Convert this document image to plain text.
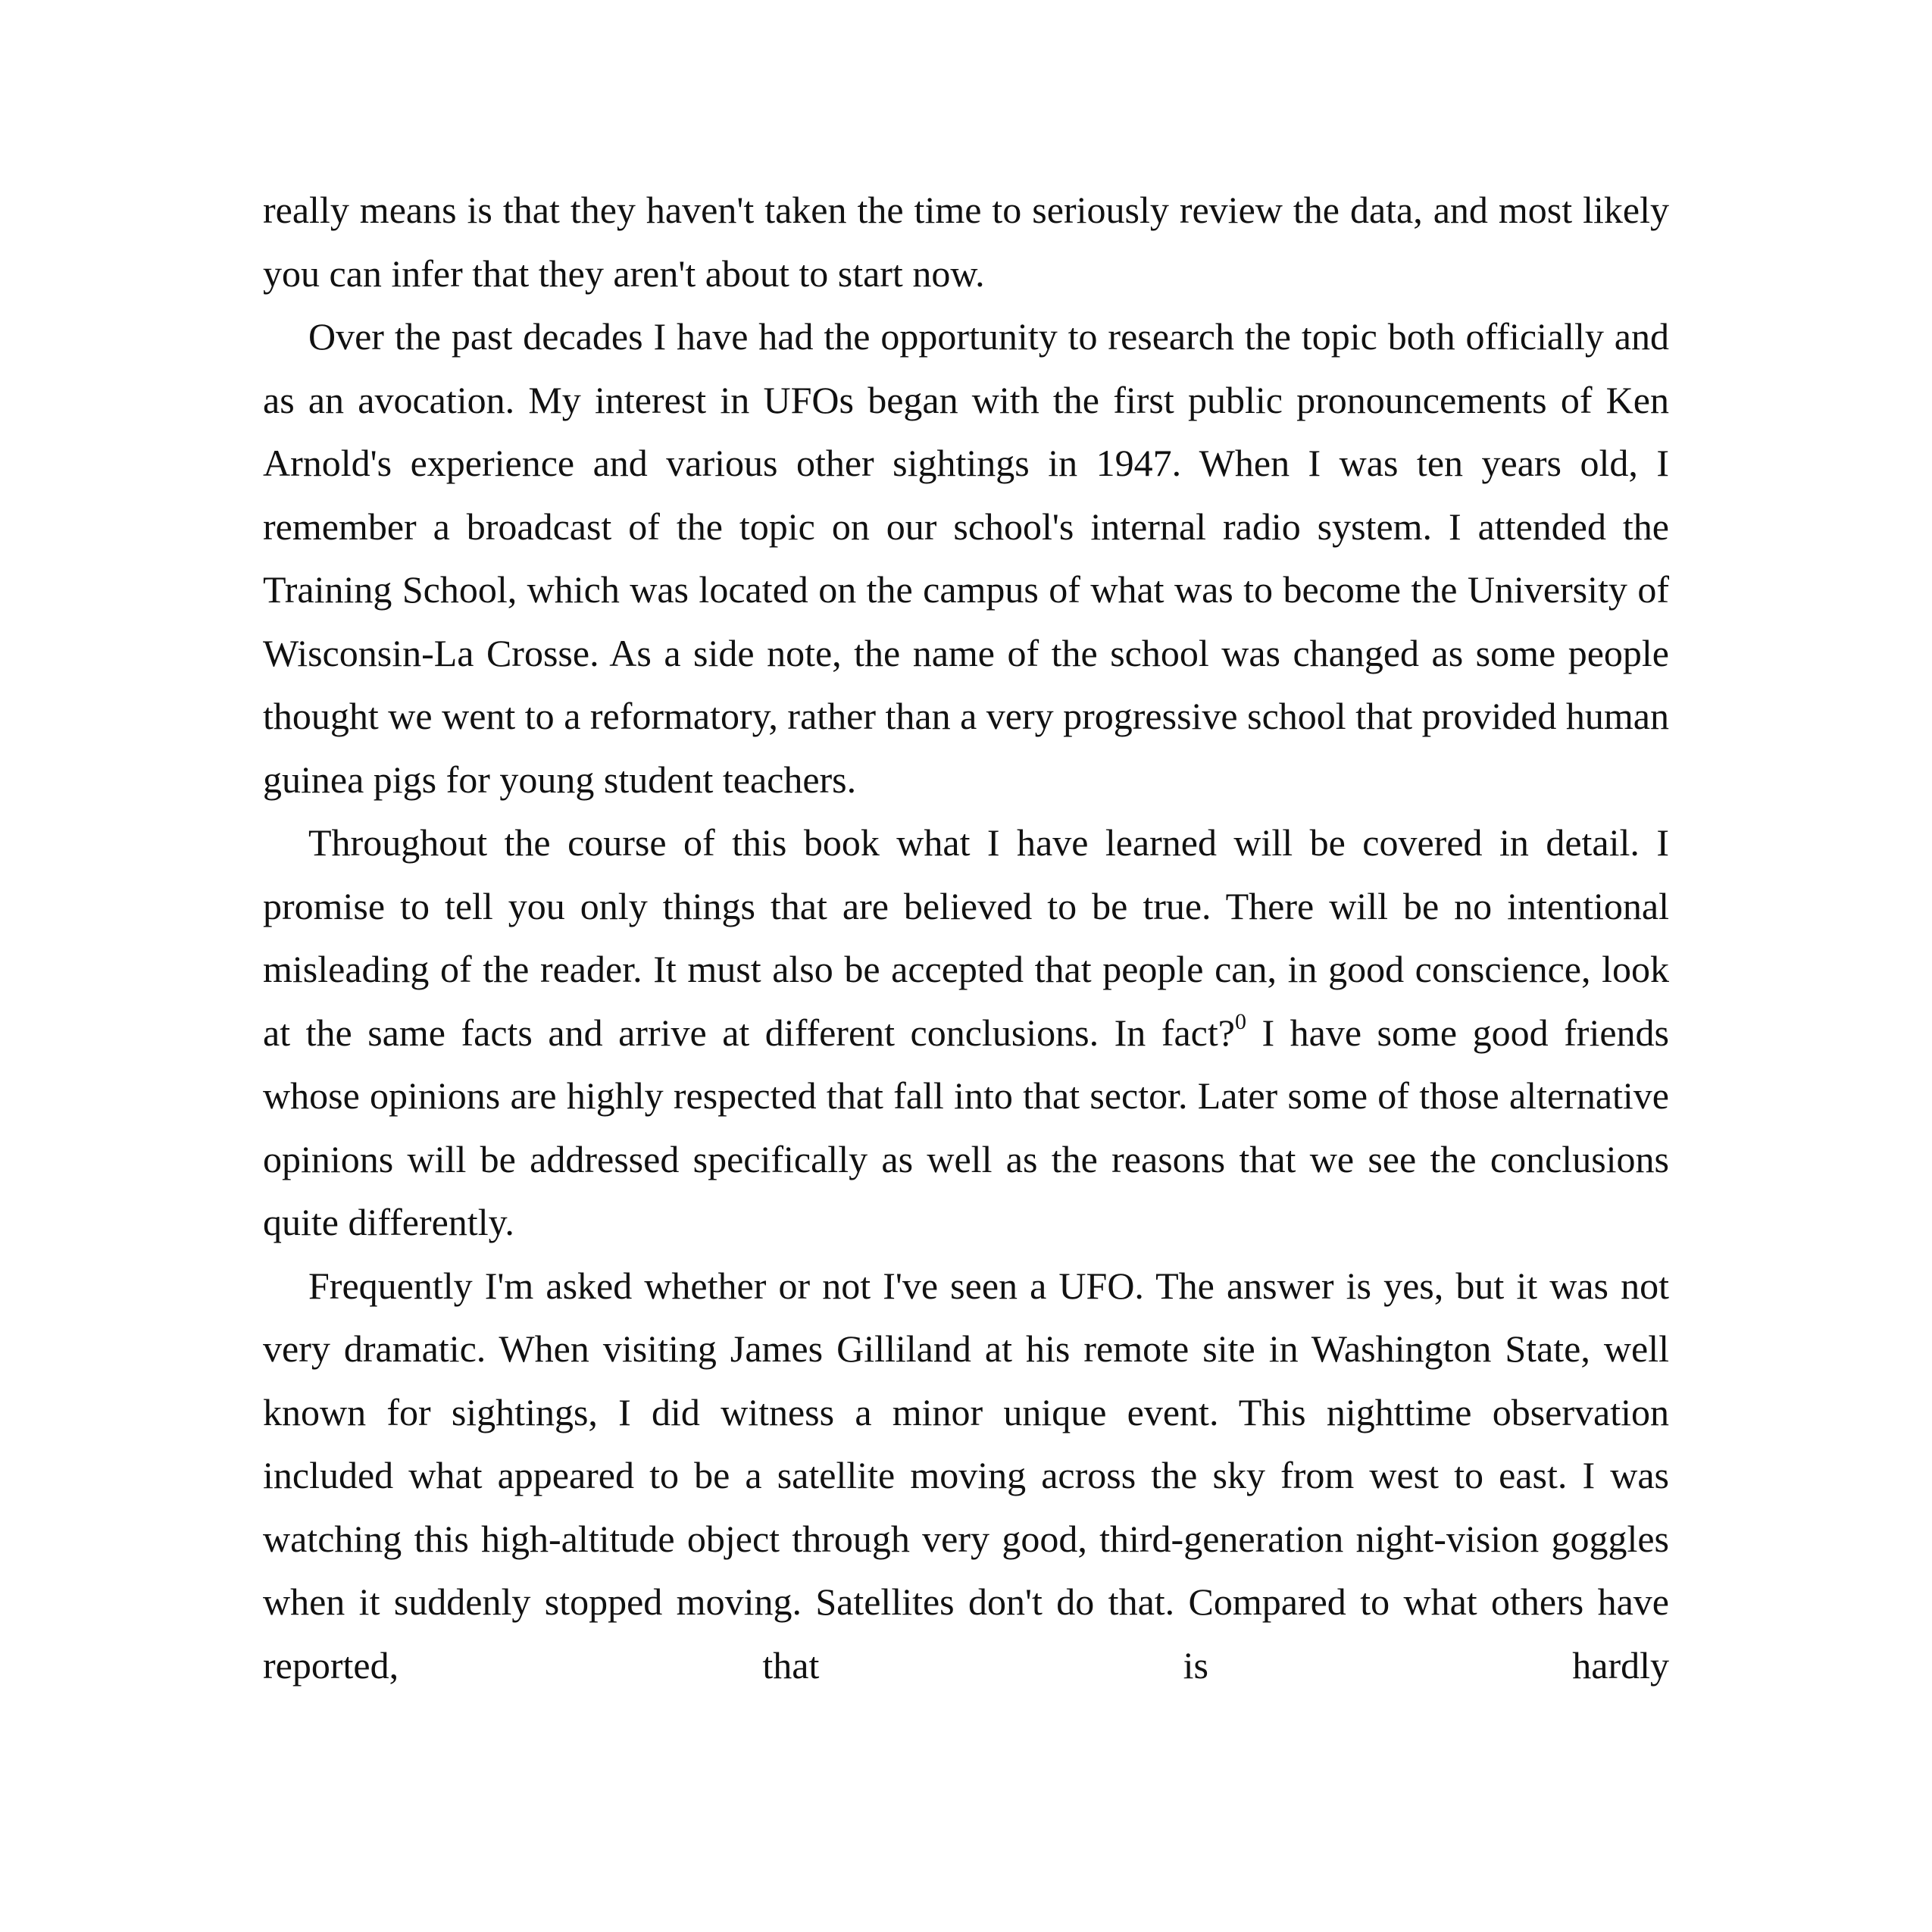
really means is that they haven't taken the time to seriously review the data, and most likely you can infer that they aren't about to start now.

Over the past decades I have had the opportunity to research the topic both officially and as an avocation. My interest in UFOs began with the first public pronouncements of Ken Arnold's experience and various other sightings in 1947. When I was ten years old, I remember a broadcast of the topic on our school's internal radio system. I attended the Training School, which was located on the campus of what was to become the University of Wisconsin-La Crosse. As a side note, the name of the school was changed as some people thought we went to a reformatory, rather than a very progressive school that provided human guinea pigs for young student teachers.

Throughout the course of this book what I have learned will be covered in detail. I promise to tell you only things that are believed to be true. There will be no intentional misleading of the reader. It must also be accepted that people can, in good conscience, look at the same facts and arrive at different conclusions. In fact?$^0$ I have some good friends whose opinions are highly respected that fall into that sector. Later some of those alternative opinions will be addressed specifically as well as the reasons that we see the conclusions quite differently.

Frequently I'm asked whether or not I've seen a UFO. The answer is yes, but it was not very dramatic. When visiting James Gilliland at his remote site in Washington State, well known for sightings, I did witness a minor unique event. This nighttime observation included what appeared to be a satellite moving across the sky from west to east. I was watching this high-altitude object through very good, third-generation night-vision goggles when it suddenly stopped moving. Satellites don't do that. Compared to what others have reported, that is hardly
